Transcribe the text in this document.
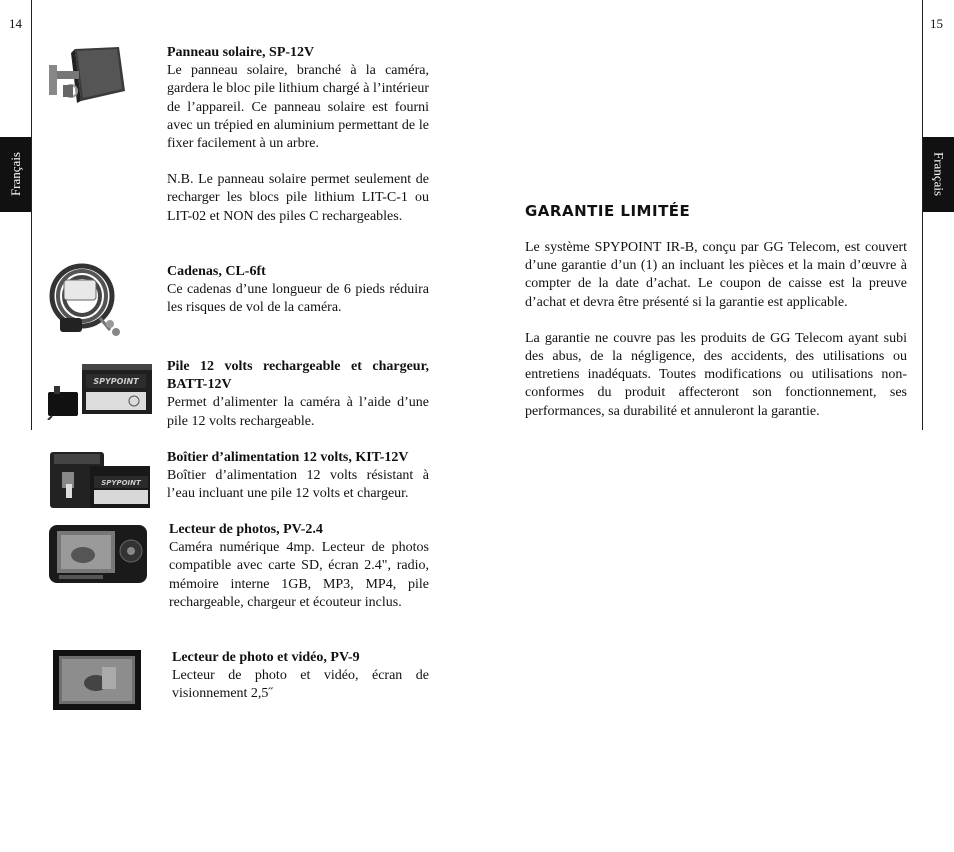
14	15
Français	Français
SPYPOINT
SPYPOINT

Panneau solaire, SP-12V

Le panneau solaire, branché à la caméra, gardera le bloc pile lithium chargé à l’intérieur de l’appareil. Ce panneau solaire est fourni avec un trépied en aluminium permettant de le fixer facilement à un arbre.

N.B. Le panneau solaire permet seulement de recharger les blocs pile lithium LIT-C-1 ou LIT-02 et NON des piles C rechargeables.

Cadenas, CL-6ft

Ce cadenas d’une longueur de 6 pieds réduira les risques de vol de la caméra.

Pile 12 volts rechargeable et chargeur, BATT-12V

Permet d’alimenter la caméra à l’aide d’une pile 12 volts rechargeable.

Boîtier d’alimentation 12 volts, KIT-12V

Boîtier d’alimentation 12 volts résistant à l’eau incluant une pile 12 volts et chargeur.

Lecteur de photos, PV-2.4

Caméra numérique 4mp. Lecteur de photos compatible avec carte SD, écran 2.4", radio, mémoire interne 1GB, MP3, MP4, pile rechargeable, chargeur et écouteur inclus.

Lecteur de photo et vidéo, PV-9

Lecteur de photo et vidéo, écran de visionnement 2,5˝

GARANTIE LIMITÉE

Le système SPYPOINT IR-B, conçu par GG Telecom, est couvert d’une garantie d’un (1) an incluant les pièces et la main d’œuvre à compter de la date d’achat. Le coupon de caisse est la preuve d’achat et devra être présenté si la garantie est applicable.

La garantie ne couvre pas les produits de GG Telecom ayant subi des abus, de la négligence, des accidents, des utilisations ou entretiens inadéquats. Toutes modifications ou utilisations non-conformes du produit affecteront son fonctionnement, ses performances, sa durabilité et annuleront la garantie.
